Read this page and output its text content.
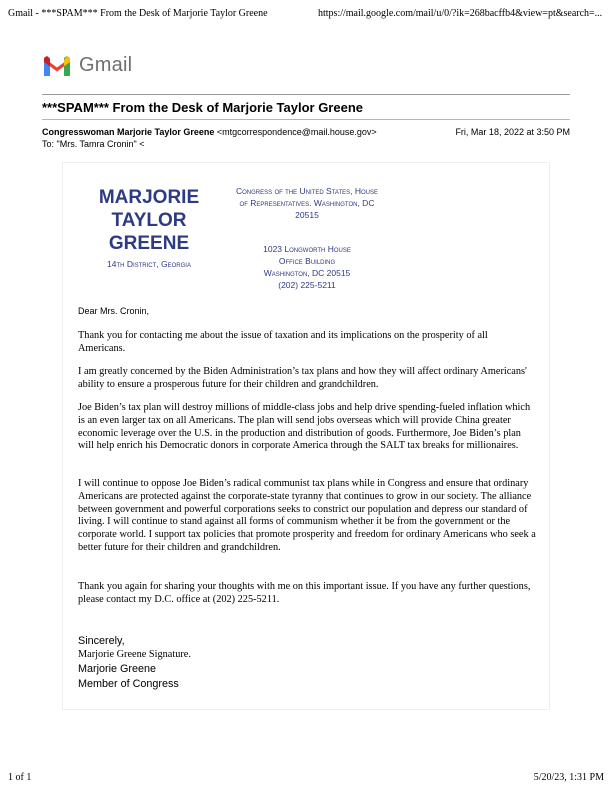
Gmail - ***SPAM*** From the Desk of Marjorie Taylor Greene	https://mail.google.com/mail/u/0/?ik=268bacffb4&view=pt&search=...
Gmail
***SPAM*** From the Desk of Marjorie Taylor Greene
Congresswoman Marjorie Taylor Greene <mtgcorrespondence@mail.house.gov>	Fri, Mar 18, 2022 at 3:50 PM
To: "Mrs. Tamra Cronin" <
MARJORIE
TAYLOR
GREENE
14th District, Georgia
Congress of the United States, House
of Representatives. Washington, DC
20515
1023 Longworth House
Office Building
Washington, DC 20515
(202) 225-5211
Dear Mrs. Cronin,

Thank you for contacting me about the issue of taxation and its implications on the prosperity of all Americans.

I am greatly concerned by the Biden Administration’s tax plans and how they will affect ordinary Americans' ability to ensure a prosperous future for their children and grandchildren.

Joe Biden’s tax plan will destroy millions of middle-class jobs and help drive spending-fueled inflation which is an even larger tax on all Americans. The plan will send jobs overseas which will provide China greater economic leverage over the U.S. in the production and distribution of goods. Furthermore, Joe Biden’s plan will help enrich his Democratic donors in corporate America through the SALT tax breaks for millionaires.

I will continue to oppose Joe Biden’s radical communist tax plans while in Congress and ensure that ordinary Americans are protected against the corporate-state tyranny that continues to grow in our society. The alliance between government and powerful corporations seeks to constrict our population and depress our standard of living. I will continue to stand against all forms of communism whether it be from the government or the corporate world. I support tax policies that promote prosperity and freedom for ordinary Americans who seek a better future for their children and grandchildren.

Thank you again for sharing your thoughts with me on this important issue. If you have any further questions, please contact my D.C. office at (202) 225-5211.

Sincerely,
Marjorie Greene Signature.
Marjorie Greene
Member of Congress
1 of 1	5/20/23, 1:31 PM
